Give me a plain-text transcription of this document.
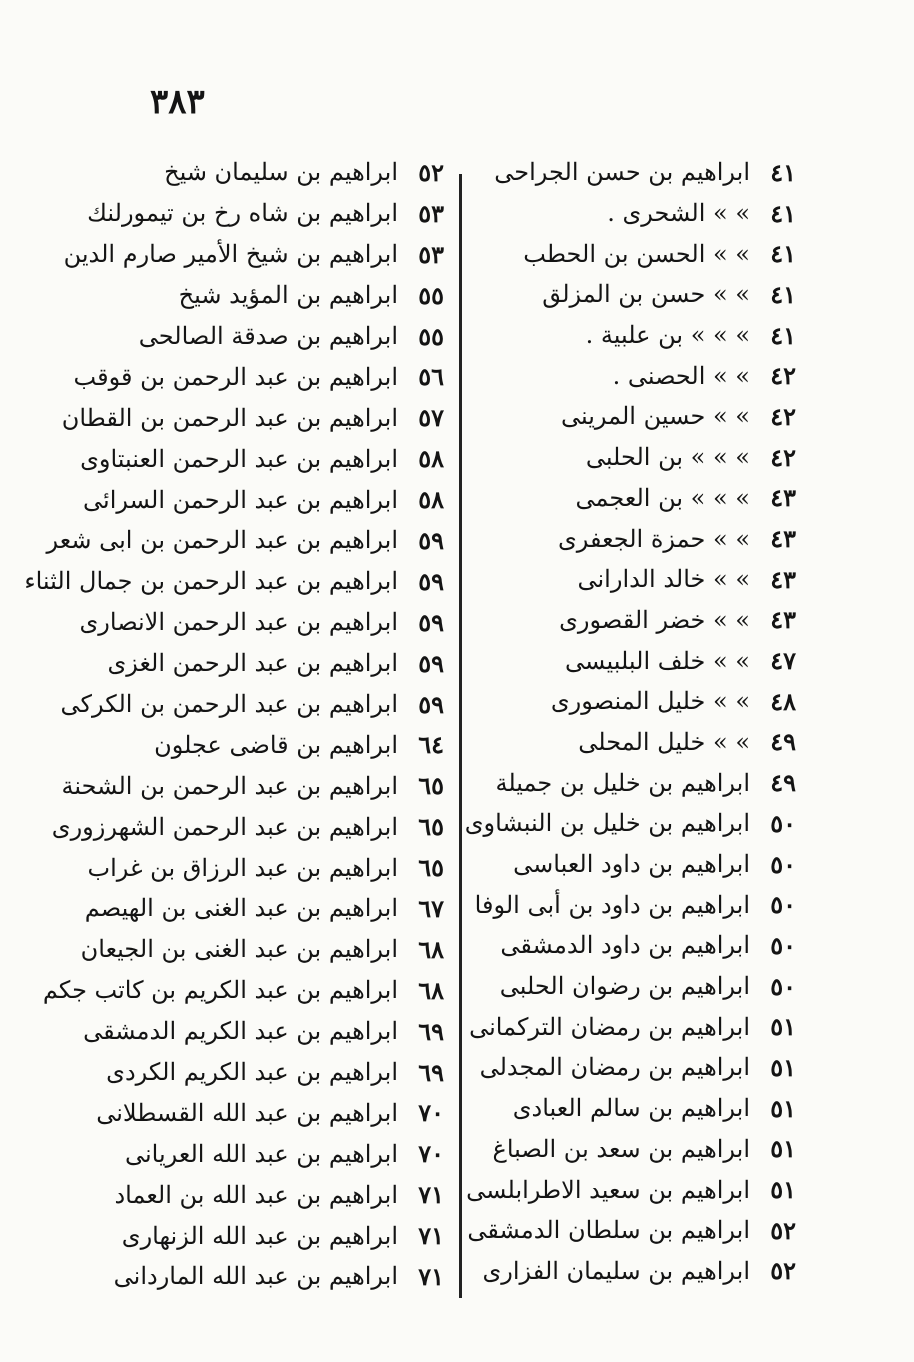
٣٨٣
٤١
ابراهيم بن حسن الجراحى
٤١
» » الشحرى .
٤١
» » الحسن بن الحطب
٤١
» » حسن بن المزلق
٤١
» » » بن علبية .
٤٢
» » الحصنى .
٤٢
» » حسين المرينى
٤٢
» » » بن الحلبى
٤٣
» » » بن العجمى
٤٣
» » حمزة الجعفرى
٤٣
» » خالد الدارانى
٤٣
» » خضر القصورى
٤٧
» » خلف البلبيسى
٤٨
» » خليل المنصورى
٤٩
» » خليل المحلى
٤٩
ابراهيم بن خليل بن جميلة
٥٠
ابراهيم بن خليل بن النبشاوى
٥٠
ابراهيم بن داود العباسى
٥٠
ابراهيم بن داود بن أبى الوفا
٥٠
ابراهيم بن داود الدمشقى
٥٠
ابراهيم بن رضوان الحلبى
٥١
ابراهيم بن رمضان التركمانى
٥١
ابراهيم بن رمضان المجدلى
٥١
ابراهيم بن سالم العبادى
٥١
ابراهيم بن سعد بن الصباغ
٥١
ابراهيم بن سعيد الاطرابلسى
٥٢
ابراهيم بن سلطان الدمشقى
٥٢
ابراهيم بن سليمان الفزارى
٥٢
ابراهيم بن سليمان شيخ
٥٣
ابراهيم بن شاه رخ بن تيمورلنك
٥٣
ابراهيم بن شيخ الأمير صارم الدين
٥٥
ابراهيم بن المؤيد شيخ
٥٥
ابراهيم بن صدقة الصالحى
٥٦
ابراهيم بن عبد الرحمن بن قوقب
٥٧
ابراهيم بن عبد الرحمن بن القطان
٥٨
ابراهيم بن عبد الرحمن العنبتاوى
٥٨
ابراهيم بن عبد الرحمن السرائى
٥٩
ابراهيم بن عبد الرحمن بن ابى شعر
٥٩
ابراهيم بن عبد الرحمن بن جمال الثناء
٥٩
ابراهيم بن عبد الرحمن الانصارى
٥٩
ابراهيم بن عبد الرحمن الغزى
٥٩
ابراهيم بن عبد الرحمن بن الكركى
٦٤
ابراهيم بن قاضى عجلون
٦٥
ابراهيم بن عبد الرحمن بن الشحنة
٦٥
ابراهيم بن عبد الرحمن الشهرزورى
٦٥
ابراهيم بن عبد الرزاق بن غراب
٦٧
ابراهيم بن عبد الغنى بن الهيصم
٦٨
ابراهيم بن عبد الغنى بن الجيعان
٦٨
ابراهيم بن عبد الكريم بن كاتب جكم
٦٩
ابراهيم بن عبد الكريم الدمشقى
٦٩
ابراهيم بن عبد الكريم الكردى
٧٠
ابراهيم بن عبد الله القسطلانى
٧٠
ابراهيم بن عبد الله العريانى
٧١
ابراهيم بن عبد الله بن العماد
٧١
ابراهيم بن عبد الله الزنهارى
٧١
ابراهيم بن عبد الله الماردانى
